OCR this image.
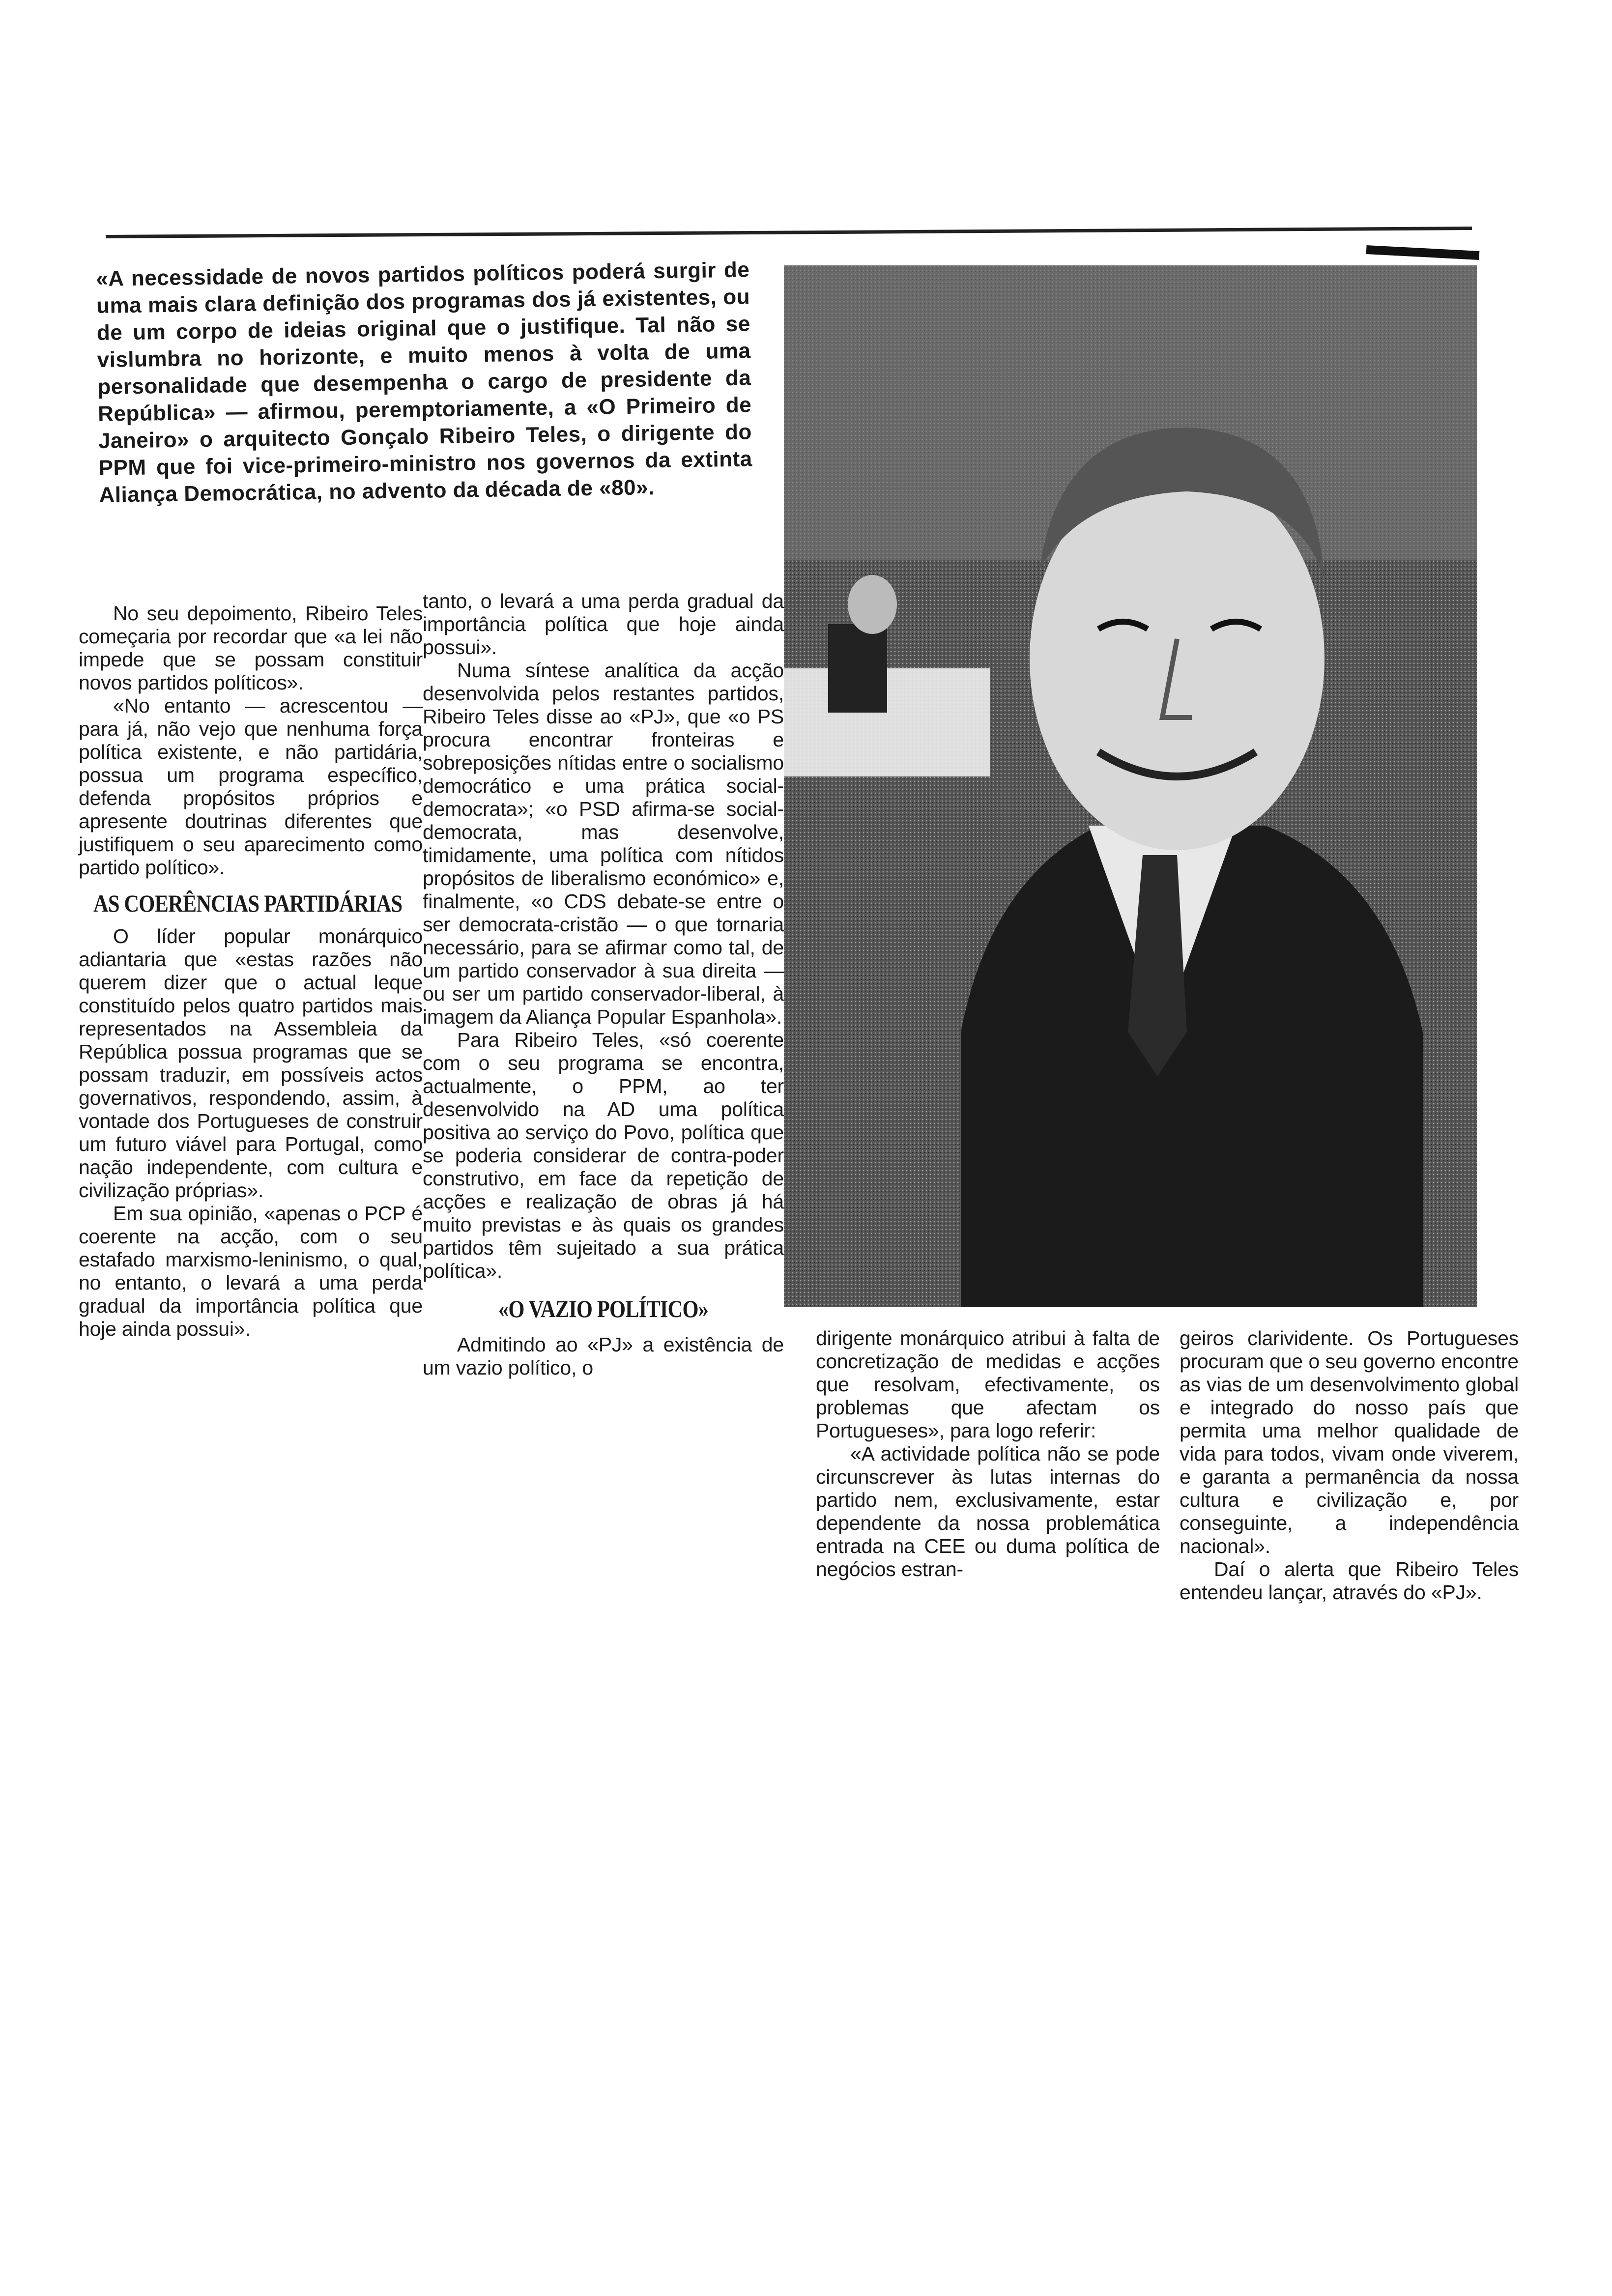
«A necessidade de novos partidos políticos poderá surgir de uma mais clara definição dos programas dos já existentes, ou de um corpo de ideias original que o justifique. Tal não se vislumbra no horizonte, e muito menos à volta de uma personalidade que desempenha o cargo de presidente da República» — afirmou, peremptoriamente, a «O Primeiro de Janeiro» o arquitecto Gonçalo Ribeiro Teles, o dirigente do PPM que foi vice-primeiro-ministro nos governos da extinta Aliança Democrática, no advento da década de «80».

No seu depoimento, Ribeiro Teles começaria por recordar que «a lei não impede que se possam constituir novos partidos políticos».

«No entanto — acrescentou — para já, não vejo que nenhuma força política existente, e não partidária, possua um programa específico, defenda propósitos próprios e apresente doutrinas diferentes que justifiquem o seu aparecimento como partido político».

AS COERÊNCIAS PARTIDÁRIAS

O líder popular monárquico adiantaria que «estas razões não querem dizer que o actual leque constituído pelos quatro partidos mais representados na Assembleia da República possua programas que se possam traduzir, em possíveis actos governativos, respondendo, assim, à vontade dos Portugueses de construir um futuro viável para Portugal, como nação independente, com cultura e civilização próprias».

Em sua opinião, «apenas o PCP é coerente na acção, com o seu estafado marxismo-leninismo, o qual, no entanto, o levará a uma perda gradual da importância política que hoje ainda possui».

tanto, o levará a uma perda gradual da importância política que hoje ainda possui».

Numa síntese analítica da acção desenvolvida pelos restantes partidos, Ribeiro Teles disse ao «PJ», que «o PS procura encontrar fronteiras e sobreposições nítidas entre o socialismo democrático e uma prática social-democrata»; «o PSD afirma-se social-democrata, mas desenvolve, timidamente, uma política com nítidos propósitos de liberalismo económico» e, finalmente, «o CDS debate-se entre o ser democrata-cristão — o que tornaria necessário, para se afirmar como tal, de um partido conservador à sua direita — ou ser um partido conservador-liberal, à imagem da Aliança Popular Espanhola».

Para Ribeiro Teles, «só coerente com o seu programa se encontra, actualmente, o PPM, ao ter desenvolvido na AD uma política positiva ao serviço do Povo, política que se poderia considerar de contra-poder construtivo, em face da repetição de acções e realização de obras já há muito previstas e às quais os grandes partidos têm sujeitado a sua prática política».

«O VAZIO POLÍTICO»

Admitindo ao «PJ» a existência de um vazio político, o

dirigente monárquico atribui à falta de concretização de medidas e acções que resolvam, efectivamente, os problemas que afectam os Portugueses», para logo referir:

«A actividade política não se pode circunscrever às lutas internas do partido nem, exclusivamente, estar dependente da nossa problemática entrada na CEE ou duma política de negócios estran-

geiros clarividente. Os Portugueses procuram que o seu governo encontre as vias de um desenvolvimento global e integrado do nosso país que permita uma melhor qualidade de vida para todos, vivam onde viverem, e garanta a permanência da nossa cultura e civilização e, por conseguinte, a independência nacional».

Daí o alerta que Ribeiro Teles entendeu lançar, através do «PJ».
